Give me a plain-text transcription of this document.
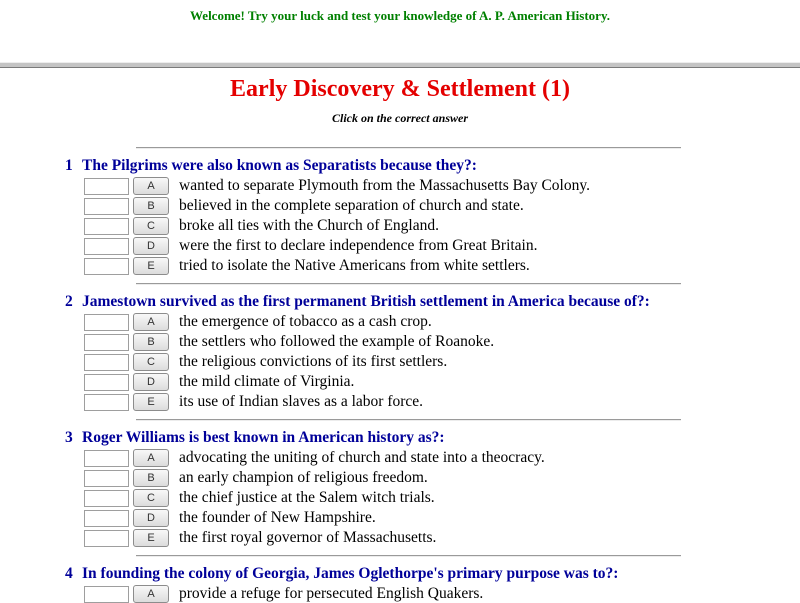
Welcome! Try your luck and test your knowledge of A. P. American History.
Early Discovery & Settlement (1)
Click on the correct answer
1 The Pilgrims were also known as Separatists because they?:
A	wanted to separate Plymouth from the Massachusetts Bay Colony.
B	believed in the complete separation of church and state.
C	broke all ties with the Church of England.
D	were the first to declare independence from Great Britain.
E	tried to isolate the Native Americans from white settlers.
2 Jamestown survived as the first permanent British settlement in America because of?:
A	the emergence of tobacco as a cash crop.
B	the settlers who followed the example of Roanoke.
C	the religious convictions of its first settlers.
D	the mild climate of Virginia.
E	its use of Indian slaves as a labor force.
3 Roger Williams is best known in American history as?:
A	advocating the uniting of church and state into a theocracy.
B	an early champion of religious freedom.
C	the chief justice at the Salem witch trials.
D	the founder of New Hampshire.
E	the first royal governor of Massachusetts.
4 In founding the colony of Georgia, James Oglethorpe's primary purpose was to?:
A	provide a refuge for persecuted English Quakers.
